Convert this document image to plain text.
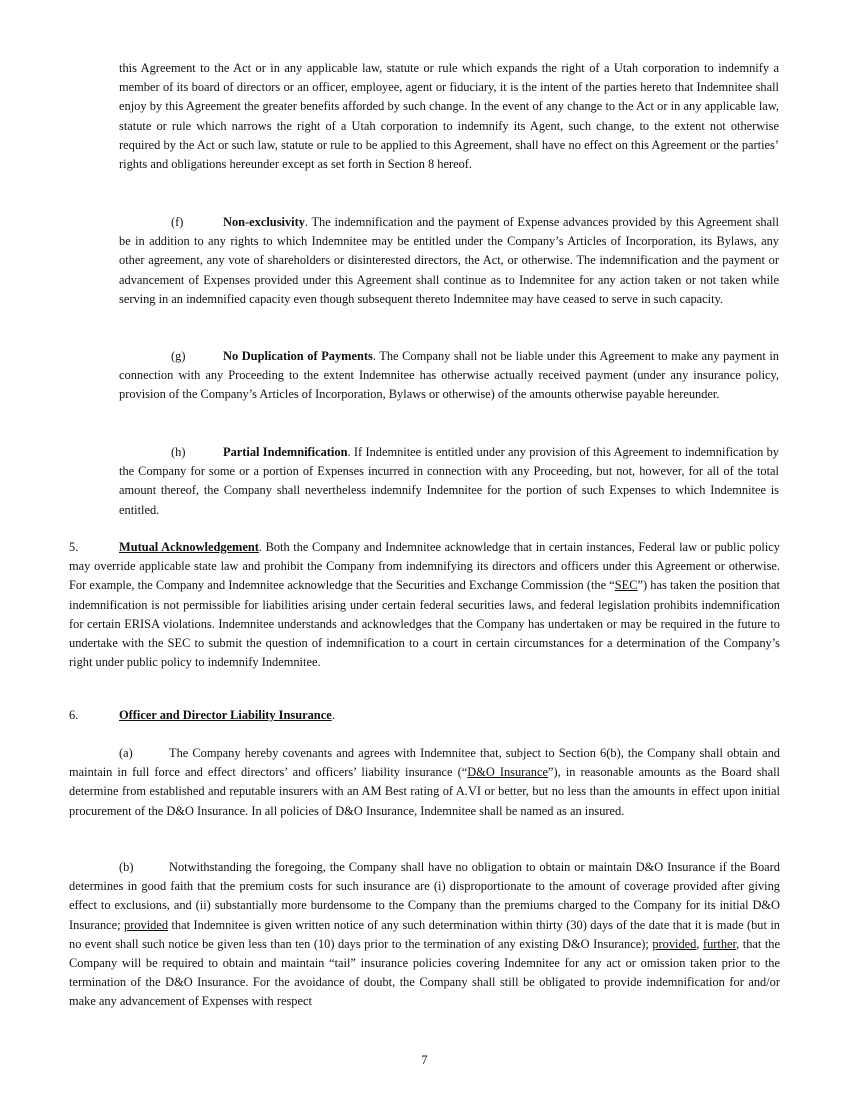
this Agreement to the Act or in any applicable law, statute or rule which expands the right of a Utah corporation to indemnify a member of its board of directors or an officer, employee, agent or fiduciary, it is the intent of the parties hereto that Indemnitee shall enjoy by this Agreement the greater benefits afforded by such change. In the event of any change to the Act or in any applicable law, statute or rule which narrows the right of a Utah corporation to indemnify its Agent, such change, to the extent not otherwise required by the Act or such law, statute or rule to be applied to this Agreement, shall have no effect on this Agreement or the parties’ rights and obligations hereunder except as set forth in Section 8 hereof.

(f)	Non-exclusivity. The indemnification and the payment of Expense advances provided by this Agreement shall be in addition to any rights to which Indemnitee may be entitled under the Company’s Articles of Incorporation, its Bylaws, any other agreement, any vote of shareholders or disinterested directors, the Act, or otherwise. The indemnification and the payment or advancement of Expenses provided under this Agreement shall continue as to Indemnitee for any action taken or not taken while serving in an indemnified capacity even though subsequent thereto Indemnitee may have ceased to serve in such capacity.

(g)	No Duplication of Payments. The Company shall not be liable under this Agreement to make any payment in connection with any Proceeding to the extent Indemnitee has otherwise actually received payment (under any insurance policy, provision of the Company’s Articles of Incorporation, Bylaws or otherwise) of the amounts otherwise payable hereunder.

(h)	Partial Indemnification. If Indemnitee is entitled under any provision of this Agreement to indemnification by the Company for some or a portion of Expenses incurred in connection with any Proceeding, but not, however, for all of the total amount thereof, the Company shall nevertheless indemnify Indemnitee for the portion of such Expenses to which Indemnitee is entitled.

5.	Mutual Acknowledgement. Both the Company and Indemnitee acknowledge that in certain instances, Federal law or public policy may override applicable state law and prohibit the Company from indemnifying its directors and officers under this Agreement or otherwise. For example, the Company and Indemnitee acknowledge that the Securities and Exchange Commission (the “SEC”) has taken the position that indemnification is not permissible for liabilities arising under certain federal securities laws, and federal legislation prohibits indemnification for certain ERISA violations. Indemnitee understands and acknowledges that the Company has undertaken or may be required in the future to undertake with the SEC to submit the question of indemnification to a court in certain circumstances for a determination of the Company’s right under public policy to indemnify Indemnitee.

6.	Officer and Director Liability Insurance.

(a)	The Company hereby covenants and agrees with Indemnitee that, subject to Section 6(b), the Company shall obtain and maintain in full force and effect directors’ and officers’ liability insurance (“D&O Insurance”), in reasonable amounts as the Board shall determine from established and reputable insurers with an AM Best rating of A.VI or better, but no less than the amounts in effect upon initial procurement of the D&O Insurance. In all policies of D&O Insurance, Indemnitee shall be named as an insured.

(b)	Notwithstanding the foregoing, the Company shall have no obligation to obtain or maintain D&O Insurance if the Board determines in good faith that the premium costs for such insurance are (i) disproportionate to the amount of coverage provided after giving effect to exclusions, and (ii) substantially more burdensome to the Company than the premiums charged to the Company for its initial D&O Insurance; provided that Indemnitee is given written notice of any such determination within thirty (30) days of the date that it is made (but in no event shall such notice be given less than ten (10) days prior to the termination of any existing D&O Insurance); provided, further, that the Company will be required to obtain and maintain “tail” insurance policies covering Indemnitee for any act or omission taken prior to the termination of the D&O Insurance. For the avoidance of doubt, the Company shall still be obligated to provide indemnification for and/or make any advancement of Expenses with respect

7
